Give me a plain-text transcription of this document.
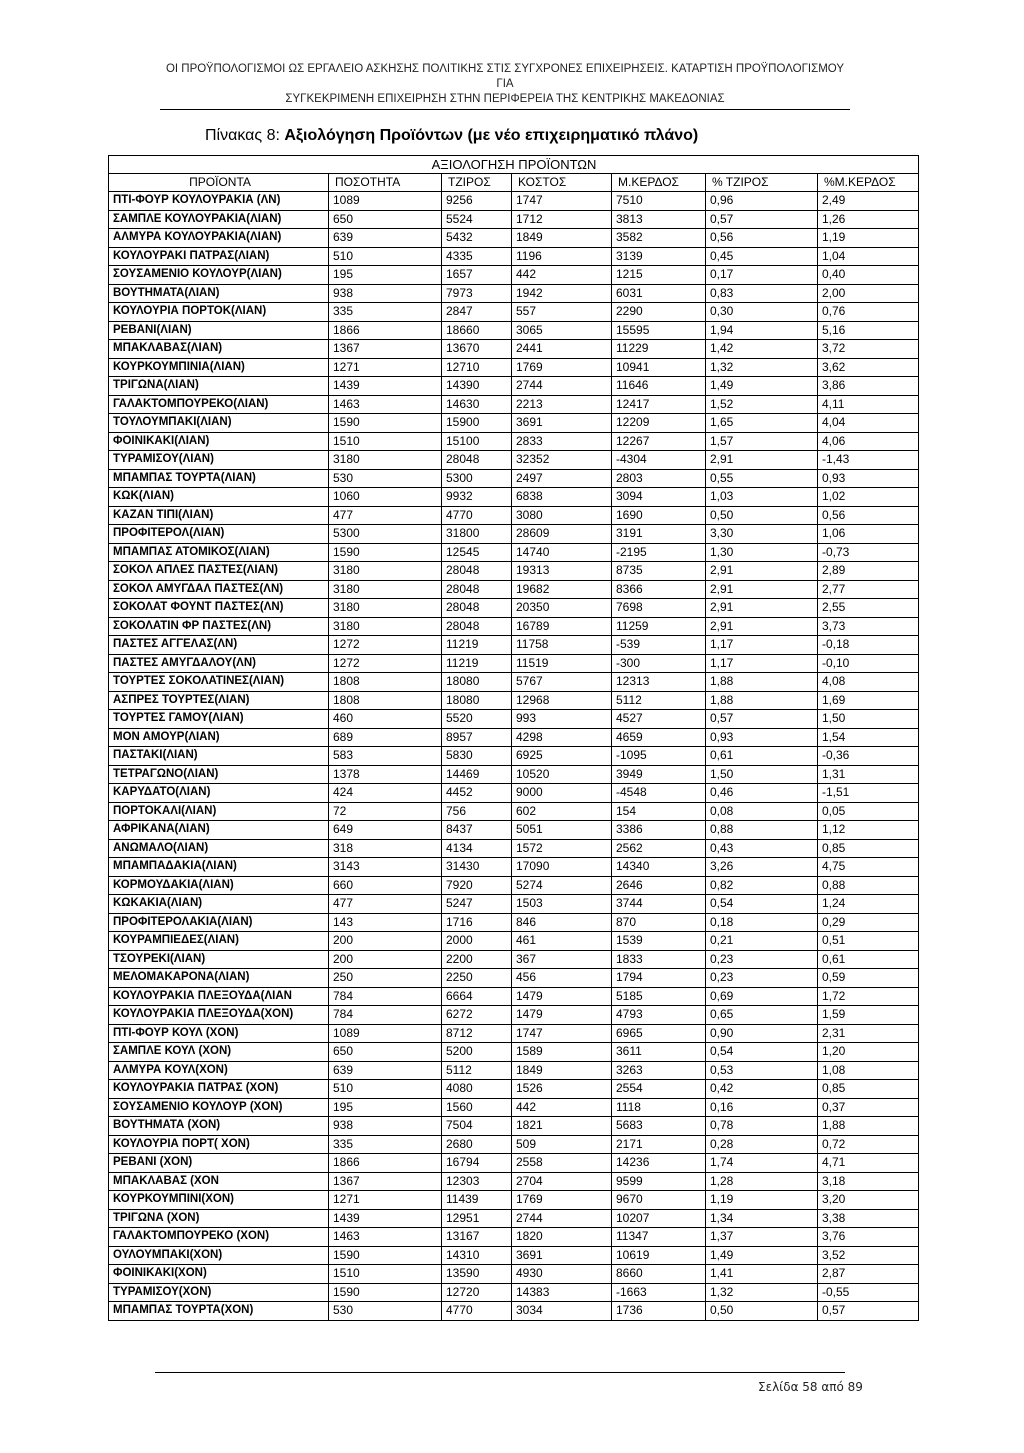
ΟΙ ΠΡΟΫΠΟΛΟΓΙΣΜΟΙ ΩΣ ΕΡΓΑΛΕΙΟ ΑΣΚΗΣΗΣ ΠΟΛΙΤΙΚΗΣ ΣΤΙΣ ΣΥΓΧΡΟΝΕΣ ΕΠΙΧΕΙΡΗΣΕΙΣ. ΚΑΤΑΡΤΙΣΗ ΠΡΟΫΠΟΛΟΓΙΣΜΟΥ ΓΙΑ
ΣΥΓΚΕΚΡΙΜΕΝΗ ΕΠΙΧΕΙΡΗΣΗ ΣΤΗΝ ΠΕΡΙΦΕΡΕΙΑ ΤΗΣ ΚΕΝΤΡΙΚΗΣ ΜΑΚΕΔΟΝΙΑΣ
Πίνακας 8: Αξιολόγηση Προϊόντων (με νέο επιχειρηματικό πλάνο)
ΑΞΙΟΛΟΓΗΣΗ ΠΡΟΪΟΝΤΩΝ						
ΠΡΟΪΟΝΤΑ	ΠΟΣΟΤΗΤΑ	ΤΖΙΡΟΣ	ΚΟΣΤΟΣ	Μ.ΚΕΡΔΟΣ	% ΤΖΙΡΟΣ	%Μ.ΚΕΡΔΟΣ
ΠΤΙ-ΦΟΥΡ ΚΟΥΛΟΥΡΑΚΙΑ (ΛΝ)	1089	9256	1747	7510	0,96	2,49
ΣΑΜΠΛΕ ΚΟΥΛΟΥΡΑΚΙΑ(ΛΙΑΝ)	650	5524	1712	3813	0,57	1,26
ΑΛΜΥΡΑ ΚΟΥΛΟΥΡΑΚΙΑ(ΛΙΑΝ)	639	5432	1849	3582	0,56	1,19
ΚΟΥΛΟΥΡΑΚΙ ΠΑΤΡΑΣ(ΛΙΑΝ)	510	4335	1196	3139	0,45	1,04
ΣΟΥΣΑΜΕΝΙΟ ΚΟΥΛΟΥΡ(ΛΙΑΝ)	195	1657	442	1215	0,17	0,40
ΒΟΥΤΗΜΑΤΑ(ΛΙΑΝ)	938	7973	1942	6031	0,83	2,00
ΚΟΥΛΟΥΡΙΑ ΠΟΡΤΟΚ(ΛΙΑΝ)	335	2847	557	2290	0,30	0,76
ΡΕΒΑΝΙ(ΛΙΑΝ)	1866	18660	3065	15595	1,94	5,16
ΜΠΑΚΛΑΒΑΣ(ΛΙΑΝ)	1367	13670	2441	11229	1,42	3,72
ΚΟΥΡΚΟΥΜΠΙΝΙΑ(ΛΙΑΝ)	1271	12710	1769	10941	1,32	3,62
ΤΡΙΓΩΝΑ(ΛΙΑΝ)	1439	14390	2744	11646	1,49	3,86
ΓΑΛΑΚΤΟΜΠΟΥΡΕΚΟ(ΛΙΑΝ)	1463	14630	2213	12417	1,52	4,11
ΤΟΥΛΟΥΜΠΑΚΙ(ΛΙΑΝ)	1590	15900	3691	12209	1,65	4,04
ΦΟΙΝΙΚΑΚΙ(ΛΙΑΝ)	1510	15100	2833	12267	1,57	4,06
ΤΥΡΑΜΙΣΟΥ(ΛΙΑΝ)	3180	28048	32352	-4304	2,91	-1,43
ΜΠΑΜΠΑΣ ΤΟΥΡΤΑ(ΛΙΑΝ)	530	5300	2497	2803	0,55	0,93
ΚΩΚ(ΛΙΑΝ)	1060	9932	6838	3094	1,03	1,02
ΚΑΖΑΝ ΤΙΠΙ(ΛΙΑΝ)	477	4770	3080	1690	0,50	0,56
ΠΡΟΦΙΤΕΡΟΛ(ΛΙΑΝ)	5300	31800	28609	3191	3,30	1,06
ΜΠΑΜΠΑΣ ΑΤΟΜΙΚΟΣ(ΛΙΑΝ)	1590	12545	14740	-2195	1,30	-0,73
ΣΟΚΟΛ ΑΠΛΕΣ ΠΑΣΤΕΣ(ΛΙΑΝ)	3180	28048	19313	8735	2,91	2,89
ΣΟΚΟΛ ΑΜΥΓΔΑΛ ΠΑΣΤΕΣ(ΛΝ)	3180	28048	19682	8366	2,91	2,77
ΣΟΚΟΛΑΤ ΦΟΥΝΤ ΠΑΣΤΕΣ(ΛΝ)	3180	28048	20350	7698	2,91	2,55
ΣΟΚΟΛΑΤΙΝ ΦΡ ΠΑΣΤΕΣ(ΛΝ)	3180	28048	16789	11259	2,91	3,73
ΠΑΣΤΕΣ ΑΓΓΕΛΑΣ(ΛΝ)	1272	11219	11758	-539	1,17	-0,18
ΠΑΣΤΕΣ ΑΜΥΓΔΑΛΟΥ(ΛΝ)	1272	11219	11519	-300	1,17	-0,10
ΤΟΥΡΤΕΣ ΣΟΚΟΛΑΤΙΝΕΣ(ΛΙΑΝ)	1808	18080	5767	12313	1,88	4,08
ΑΣΠΡΕΣ ΤΟΥΡΤΕΣ(ΛΙΑΝ)	1808	18080	12968	5112	1,88	1,69
ΤΟΥΡΤΕΣ ΓΑΜΟΥ(ΛΙΑΝ)	460	5520	993	4527	0,57	1,50
ΜΟΝ ΑΜΟΥΡ(ΛΙΑΝ)	689	8957	4298	4659	0,93	1,54
ΠΑΣΤΑΚΙ(ΛΙΑΝ)	583	5830	6925	-1095	0,61	-0,36
ΤΕΤΡΑΓΩΝΟ(ΛΙΑΝ)	1378	14469	10520	3949	1,50	1,31
ΚΑΡΥΔΑΤΟ(ΛΙΑΝ)	424	4452	9000	-4548	0,46	-1,51
ΠΟΡΤΟΚΑΛΙ(ΛΙΑΝ)	72	756	602	154	0,08	0,05
ΑΦΡΙΚΑΝΑ(ΛΙΑΝ)	649	8437	5051	3386	0,88	1,12
ΑΝΩΜΑΛΟ(ΛΙΑΝ)	318	4134	1572	2562	0,43	0,85
ΜΠΑΜΠΑΔΑΚΙΑ(ΛΙΑΝ)	3143	31430	17090	14340	3,26	4,75
ΚΟΡΜΟΥΔΑΚΙΑ(ΛΙΑΝ)	660	7920	5274	2646	0,82	0,88
ΚΩΚΑΚΙΑ(ΛΙΑΝ)	477	5247	1503	3744	0,54	1,24
ΠΡΟΦΙΤΕΡΟΛΑΚΙΑ(ΛΙΑΝ)	143	1716	846	870	0,18	0,29
ΚΟΥΡΑΜΠΙΕΔΕΣ(ΛΙΑΝ)	200	2000	461	1539	0,21	0,51
ΤΣΟΥΡΕΚΙ(ΛΙΑΝ)	200	2200	367	1833	0,23	0,61
ΜΕΛΟΜΑΚΑΡΟΝΑ(ΛΙΑΝ)	250	2250	456	1794	0,23	0,59
ΚΟΥΛΟΥΡΑΚΙΑ ΠΛΕΞΟΥΔΑ(ΛΙΑΝ	784	6664	1479	5185	0,69	1,72
ΚΟΥΛΟΥΡΑΚΙΑ ΠΛΕΞΟΥΔΑ(ΧΟΝ)	784	6272	1479	4793	0,65	1,59
ΠΤΙ-ΦΟΥΡ ΚΟΥΛ (ΧΟΝ)	1089	8712	1747	6965	0,90	2,31
ΣΑΜΠΛΕ ΚΟΥΛ (ΧΟΝ)	650	5200	1589	3611	0,54	1,20
ΑΛΜΥΡΑ ΚΟΥΛ(ΧΟΝ)	639	5112	1849	3263	0,53	1,08
ΚΟΥΛΟΥΡΑΚΙΑ ΠΑΤΡΑΣ (ΧΟΝ)	510	4080	1526	2554	0,42	0,85
ΣΟΥΣΑΜΕΝΙΟ ΚΟΥΛΟΥΡ (ΧΟΝ)	195	1560	442	1118	0,16	0,37
ΒΟΥΤΗΜΑΤΑ (ΧΟΝ)	938	7504	1821	5683	0,78	1,88
ΚΟΥΛΟΥΡΙΑ ΠΟΡΤ( ΧΟΝ)	335	2680	509	2171	0,28	0,72
ΡΕΒΑΝΙ (ΧΟΝ)	1866	16794	2558	14236	1,74	4,71
ΜΠΑΚΛΑΒΑΣ (ΧΟΝ	1367	12303	2704	9599	1,28	3,18
ΚΟΥΡΚΟΥΜΠΙΝΙ(ΧΟΝ)	1271	11439	1769	9670	1,19	3,20
ΤΡΙΓΩΝΑ (ΧΟΝ)	1439	12951	2744	10207	1,34	3,38
ΓΑΛΑΚΤΟΜΠΟΥΡΕΚΟ (ΧΟΝ)	1463	13167	1820	11347	1,37	3,76
ΟΥΛΟΥΜΠΑΚΙ(ΧΟΝ)	1590	14310	3691	10619	1,49	3,52
ΦΟΙΝΙΚΑΚΙ(ΧΟΝ)	1510	13590	4930	8660	1,41	2,87
ΤΥΡΑΜΙΣΟΥ(ΧΟΝ)	1590	12720	14383	-1663	1,32	-0,55
ΜΠΑΜΠΑΣ ΤΟΥΡΤΑ(ΧΟΝ)	530	4770	3034	1736	0,50	0,57
Σελίδα 58 από 89
